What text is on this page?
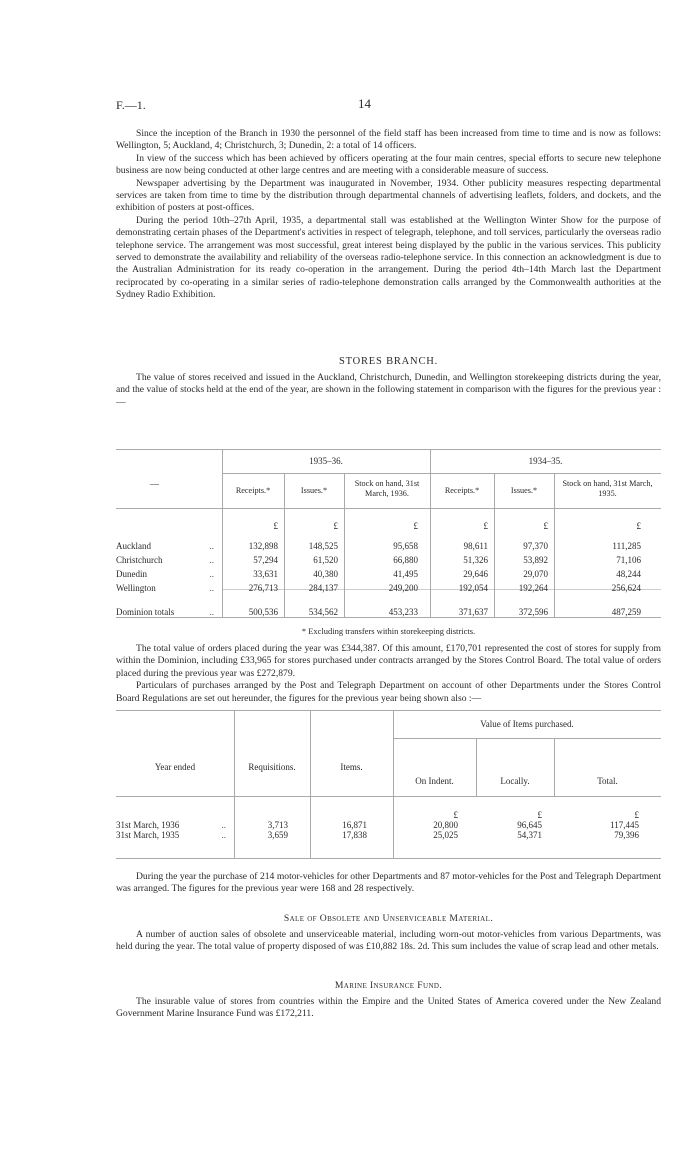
F.—1.	14

Since the inception of the Branch in 1930 the personnel of the field staff has been increased from time to time and is now as follows: Wellington, 5; Auckland, 4; Christchurch, 3; Dunedin, 2: a total of 14 officers.

In view of the success which has been achieved by officers operating at the four main centres, special efforts to secure new telephone business are now being conducted at other large centres and are meeting with a considerable measure of success.

Newspaper advertising by the Department was inaugurated in November, 1934. Other publicity measures respecting departmental services are taken from time to time by the distribution through departmental channels of advertising leaflets, folders, and dockets, and the exhibition of posters at post-offices.

During the period 10th–27th April, 1935, a departmental stall was established at the Wellington Winter Show for the purpose of demonstrating certain phases of the Department's activities in respect of telegraph, telephone, and toll services, particularly the overseas radio telephone service. The arrangement was most successful, great interest being displayed by the public in the various services. This publicity served to demonstrate the availability and reliability of the overseas radio-telephone service. In this connection an acknowledgment is due to the Australian Administration for its ready co-operation in the arrangement. During the period 4th–14th March last the Department reciprocated by co-operating in a similar series of radio-telephone demonstration calls arranged by the Commonwealth authorities at the Sydney Radio Exhibition.

STORES BRANCH.

The value of stores received and issued in the Auckland, Christchurch, Dunedin, and Wellington storekeeping districts during the year, and the value of stocks held at the end of the year, are shown in the following statement in comparison with the figures for the previous year :—

—
1935–36.	1934–35.
Receipts.*	Issues.*
Stock on hand, 31st March, 1936.	Receipts.*	Issues.*
Stock on hand, 31st March, 1935.
	£	£	£	£	£	£

Auckland ..	132,898	148,525	95,658	98,611	97,370	111,285
Christchurch ..	57,294	61,520	66,880	51,326	53,892	71,106
Dunedin ..	33,631	40,380	41,495	29,646	29,070	48,244
Wellington ..	276,713	284,137	249,200	192,054	192,264	256,624

Dominion totals ..	500,536	534,562	453,233	371,637	372,596	487,259
* Excluding transfers within storekeeping districts.

The total value of orders placed during the year was £344,387. Of this amount, £170,701 represented the cost of stores for supply from within the Dominion, including £33,965 for stores purchased under contracts arranged by the Stores Control Board. The total value of orders placed during the previous year was £272,879.

Particulars of purchases arranged by the Post and Telegraph Department on account of other Departments under the Stores Control Board Regulations are set out hereunder, the figures for the previous year being shown also :—

Year ended	Requisitions.	Items.
Value of Items purchased.
On Indent.	Locally.	Total.
			£	£	£
31st March, 1936 ..	3,713	16,871	20,800	96,645	117,445
31st March, 1935 ..	3,659	17,838	25,025	54,371	79,396

During the year the purchase of 214 motor-vehicles for other Departments and 87 motor-vehicles for the Post and Telegraph Department was arranged. The figures for the previous year were 168 and 28 respectively.

Sale of Obsolete and Unserviceable Material.

A number of auction sales of obsolete and unserviceable material, including worn-out motor-vehicles from various Departments, was held during the year. The total value of property disposed of was £10,882 18s. 2d. This sum includes the value of scrap lead and other metals.

Marine Insurance Fund.

The insurable value of stores from countries within the Empire and the United States of America covered under the New Zealand Government Marine Insurance Fund was £172,211.
